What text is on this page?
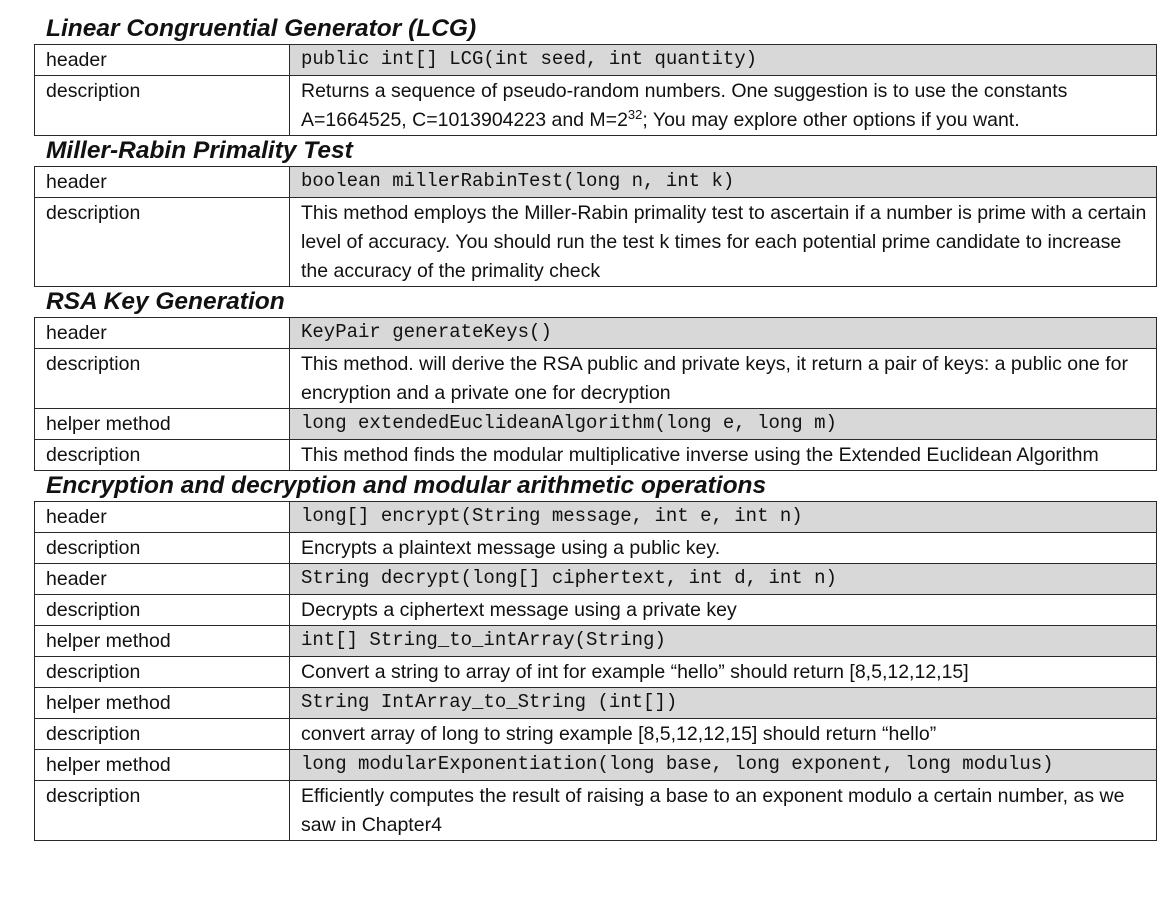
Linear Congruential Generator (LCG)
header	public int[] LCG(int seed, int quantity)
description	Returns a sequence of pseudo-random numbers. One suggestion is to use the constants A=1664525, C=1013904223 and $M=2^{32}$; You may explore other options if you want.
Miller-Rabin Primality Test
header	boolean millerRabinTest(long n, int k)
description	This method employs the Miller-Rabin primality test to ascertain if a number is prime with a certain level of accuracy. You should run the test k times for each potential prime candidate to increase the accuracy of the primality check
RSA Key Generation
header	KeyPair generateKeys()
description	This method. will derive the RSA public and private keys, it return a pair of keys: a public one for encryption and a private one for decryption
helper method	long extendedEuclideanAlgorithm(long e, long m)
description	This method finds the modular multiplicative inverse using the Extended Euclidean Algorithm
Encryption and decryption and modular arithmetic operations
header	long[] encrypt(String message, int e, int n)
description	Encrypts a plaintext message using a public key.
header	String decrypt(long[] ciphertext, int d, int n)
description	Decrypts a ciphertext message using a private key
helper method	int[] String_to_intArray(String)
description	Convert a string to array of int for example “hello” should return [8,5,12,12,15]
helper method	String IntArray_to_String (int[])
description	convert array of long to string example [8,5,12,12,15] should return “hello”
helper method	long modularExponentiation(long base, long exponent, long modulus)
description	Efficiently computes the result of raising a base to an exponent modulo a certain number, as we saw in Chapter4
